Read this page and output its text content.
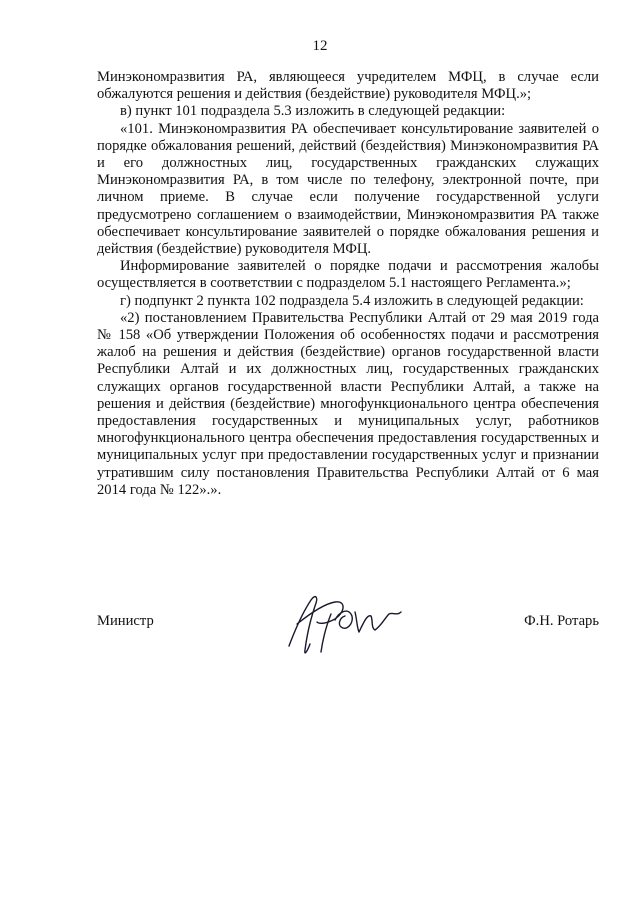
12

Минэкономразвития РА, являющееся учредителем МФЦ, в случае если обжалуются решения и действия (бездействие) руководителя МФЦ.»;

в) пункт 101 подраздела 5.3 изложить в следующей редакции:

«101. Минэкономразвития РА обеспечивает консультирование заявителей о порядке обжалования решений, действий (бездействия) Минэкономразвития РА и его должностных лиц, государственных гражданских служащих Минэкономразвития РА, в том числе по телефону, электронной почте, при личном приеме. В случае если получение государственной услуги предусмотрено соглашением о взаимодействии, Минэкономразвития РА также обеспечивает консультирование заявителей о порядке обжалования решения и действия (бездействие) руководителя МФЦ.

Информирование заявителей о порядке подачи и рассмотрения жалобы осуществляется в соответствии с подразделом 5.1 настоящего Регламента.»;

г) подпункт 2 пункта 102 подраздела 5.4 изложить в следующей редакции:

«2) постановлением Правительства Республики Алтай от 29 мая 2019 года № 158 «Об утверждении Положения об особенностях подачи и рассмотрения жалоб на решения и действия (бездействие) органов государственной власти Республики Алтай и их должностных лиц, государственных гражданских служащих органов государственной власти Республики Алтай, а также на решения и действия (бездействие) многофункционального центра обеспечения предоставления государственных и муниципальных услуг, работников многофункционального центра обеспечения предоставления государственных и муниципальных услуг при предоставлении государственных услуг и признании утратившим силу постановления Правительства Республики Алтай от 6 мая 2014 года № 122».».

Министр	Ф.Н. Ротарь
